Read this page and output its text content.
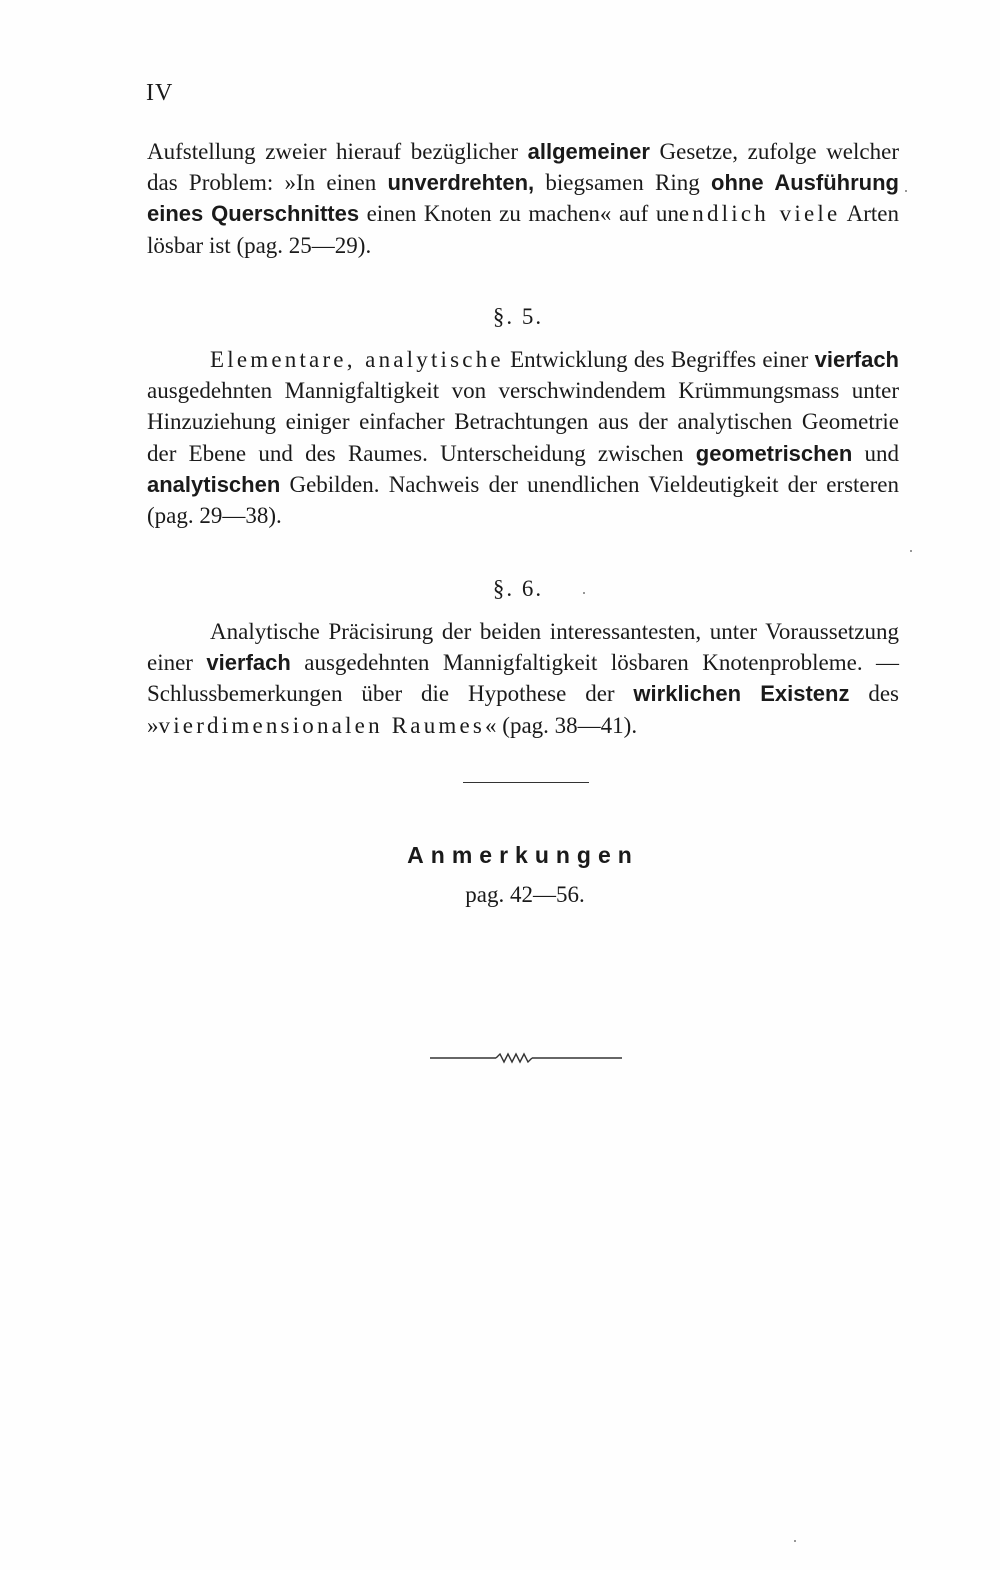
IV

Aufstellung zweier hierauf bezüglicher allgemeiner Gesetze, zufolge welcher das Problem: »In einen unverdrehten, biegsamen Ring ohne Ausführung eines Querschnittes einen Knoten zu machen« auf unendlich viele Arten lösbar ist (pag. 25—29).

§. 5.

Elementare, analytische Entwicklung des Begriffes einer vierfach ausgedehnten Mannigfaltigkeit von verschwindendem Krümmungsmass unter Hinzuziehung einiger einfacher Betrachtungen aus der analytischen Geometrie der Ebene und des Raumes. Unterscheidung zwischen geometrischen und analytischen Gebilden. Nachweis der unendlichen Vieldeutigkeit der ersteren (pag. 29—38).

§. 6.

Analytische Präcisirung der beiden interessantesten, unter Voraussetzung einer vierfach ausgedehnten Mannigfaltigkeit lösbaren Knotenprobleme. — Schlussbemerkungen über die Hypothese der wirklichen Existenz des »vierdimensionalen Raumes« (pag. 38—41).

Anmerkungen
pag. 42—56.
